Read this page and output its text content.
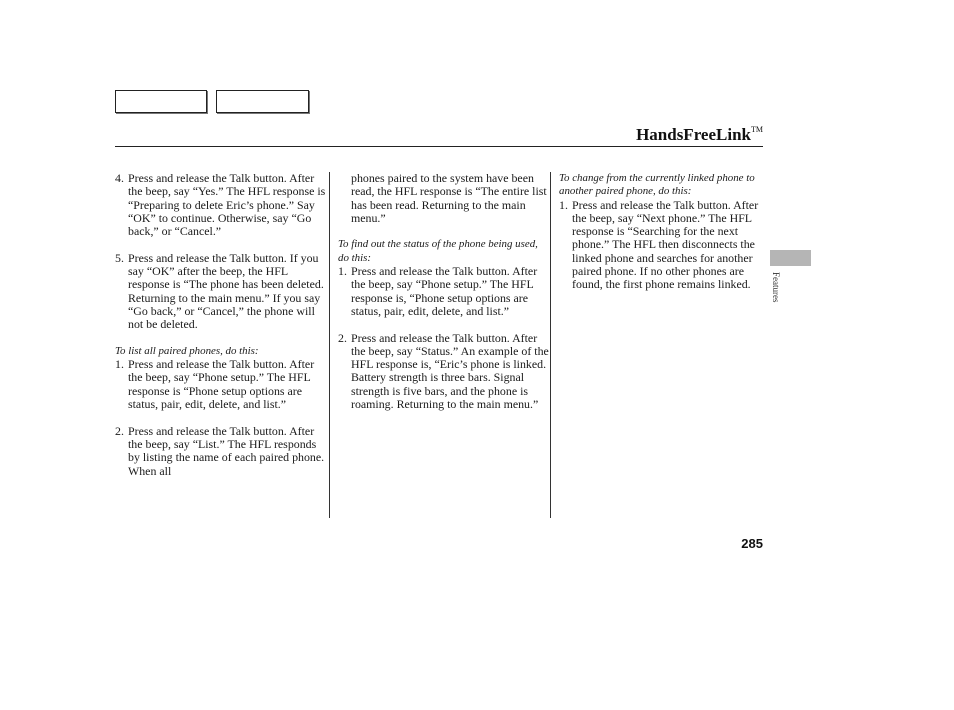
HandsFreeLink™
4. Press and release the Talk button. After the beep, say “Yes.” The HFL response is “Preparing to delete Eric’s phone.” Say “OK” to continue. Otherwise, say “Go back,” or “Cancel.”
5. Press and release the Talk button. If you say “OK” after the beep, the HFL response is “The phone has been deleted. Returning to the main menu.” If you say “Go back,” or “Cancel,” the phone will not be deleted.
To list all paired phones, do this:
1. Press and release the Talk button. After the beep, say “Phone setup.” The HFL response is “Phone setup options are status, pair, edit, delete, and list.”
2. Press and release the Talk button. After the beep, say “List.” The HFL responds by listing the name of each paired phone. When all
phones paired to the system have been read, the HFL response is “The entire list has been read. Returning to the main menu.”
To find out the status of the phone being used, do this:
1. Press and release the Talk button. After the beep, say “Phone setup.” The HFL response is, “Phone setup options are status, pair, edit, delete, and list.”
2. Press and release the Talk button. After the beep, say “Status.” An example of the HFL response is, “Eric’s phone is linked. Battery strength is three bars. Signal strength is five bars, and the phone is roaming. Returning to the main menu.”
To change from the currently linked phone to another paired phone, do this:
1. Press and release the Talk button. After the beep, say “Next phone.” The HFL response is “Searching for the next phone.” The HFL then disconnects the linked phone and searches for another paired phone. If no other phones are found, the first phone remains linked.	Features
285
